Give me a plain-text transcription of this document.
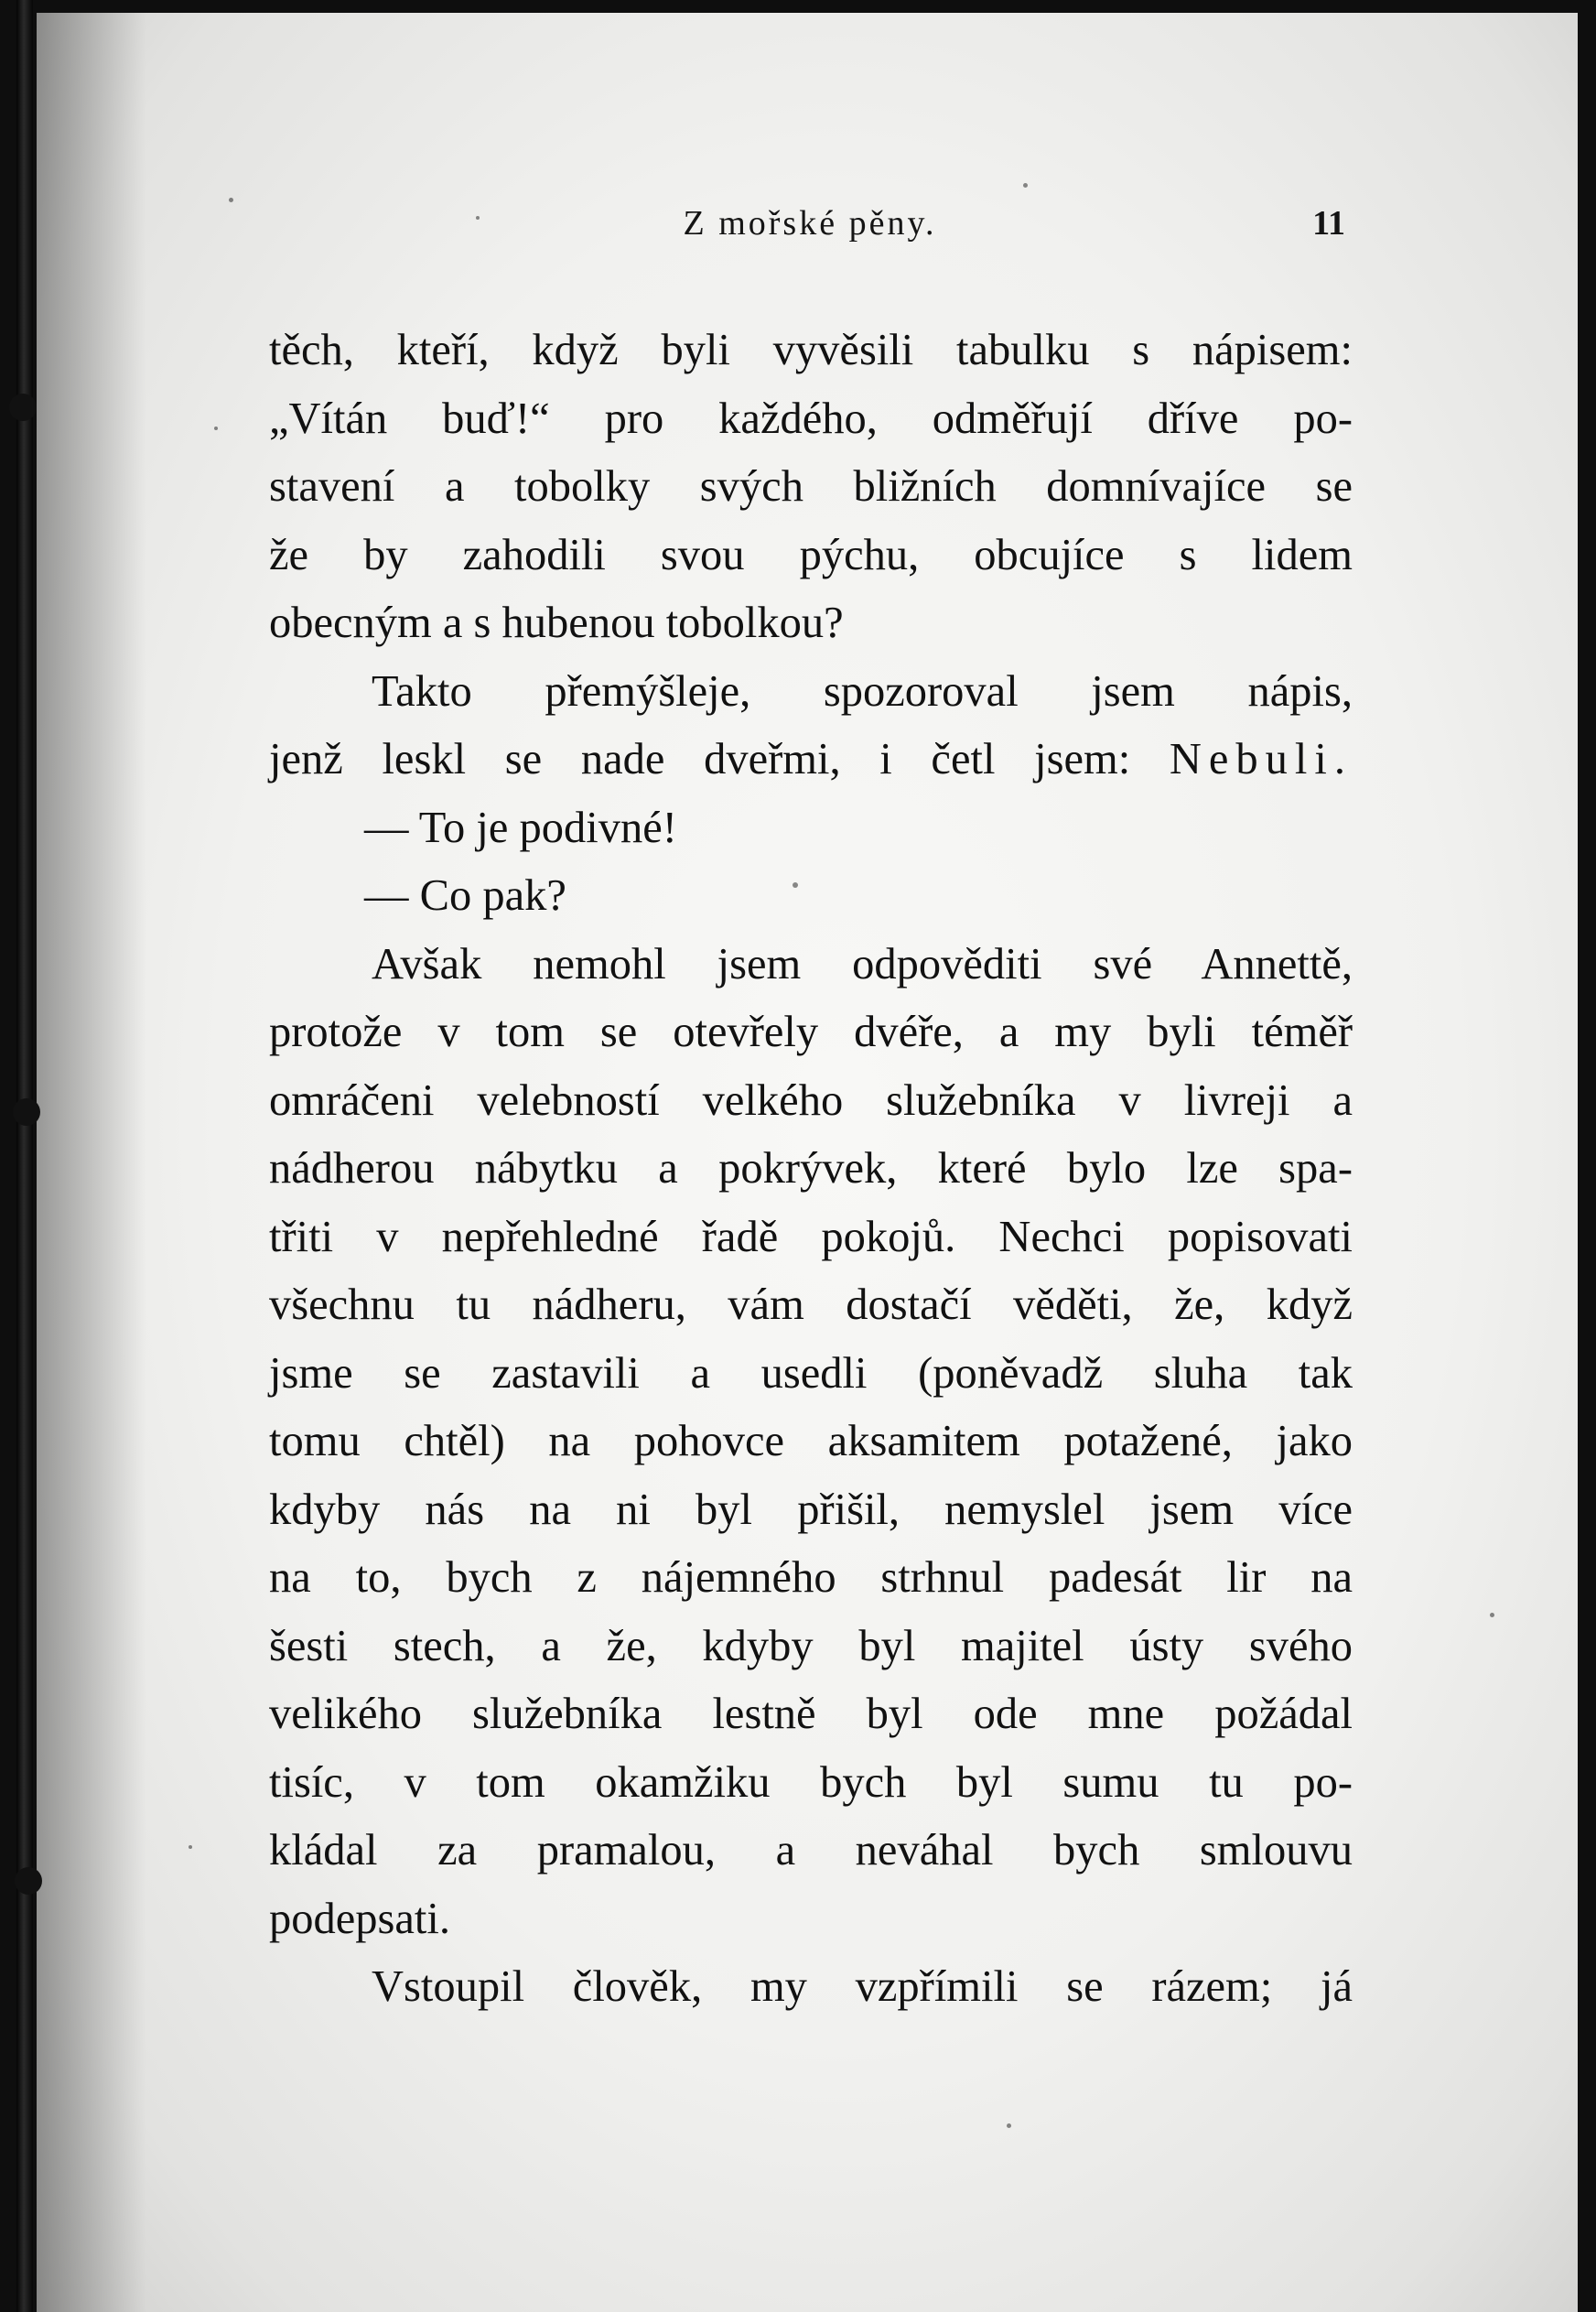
Z mořské pěny.	11
těch, kteří, když byli vyvěsili tabulku s nápisem:
„Vítán buď!“ pro každého, odměřují dříve po-
stavení a tobolky svých bližních domnívajíce se
že by zahodili svou pýchu, obcujíce s lidem
obecným a s hubenou tobolkou?
Takto přemýšleje, spozoroval jsem nápis,
jenž leskl se nade dveřmi, i četl jsem: Nebuli.
— To je podivné!
— Co pak?
Avšak nemohl jsem odpověditi své Annettě,
protože v tom se otevřely dvéře, a my byli téměř
omráčeni velebností velkého služebníka v livreji a
nádherou nábytku a pokrývek, které bylo lze spa-
třiti v nepřehledné řadě pokojů. Nechci popisovati
všechnu tu nádheru, vám dostačí věděti, že, když
jsme se zastavili a usedli (poněvadž sluha tak
tomu chtěl) na pohovce aksamitem potažené, jako
kdyby nás na ni byl přišil, nemyslel jsem více
na to, bych z nájemného strhnul padesát lir na
šesti stech, a že, kdyby byl majitel ústy svého
velikého služebníka lestně byl ode mne požádal
tisíc, v tom okamžiku bych byl sumu tu po-
kládal za pramalou, a neváhal bych smlouvu
podepsati.
Vstoupil člověk, my vzpřímili se rázem; já
